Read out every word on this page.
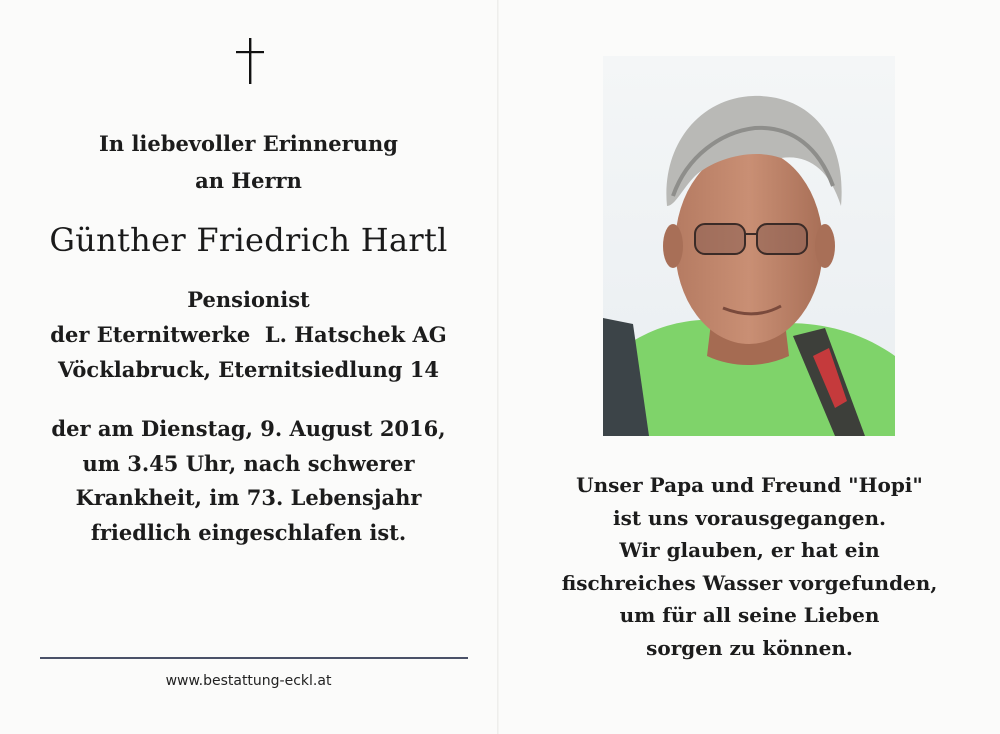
In liebevoller Erinnerung
an Herrn
Günther Friedrich Hartl
Pensionist
der Eternitwerke  L. Hatschek AG
Vöcklabruck, Eternitsiedlung 14
der am Dienstag, 9. August 2016,
um 3.45 Uhr, nach schwerer
Krankheit, im 73. Lebensjahr
friedlich eingeschlafen ist.
www.bestattung-eckl.at
Unser Papa und Freund "Hopi"
ist uns vorausgegangen.
Wir glauben, er hat ein
fischreiches Wasser vorgefunden,
um für all seine Lieben
sorgen zu können.
